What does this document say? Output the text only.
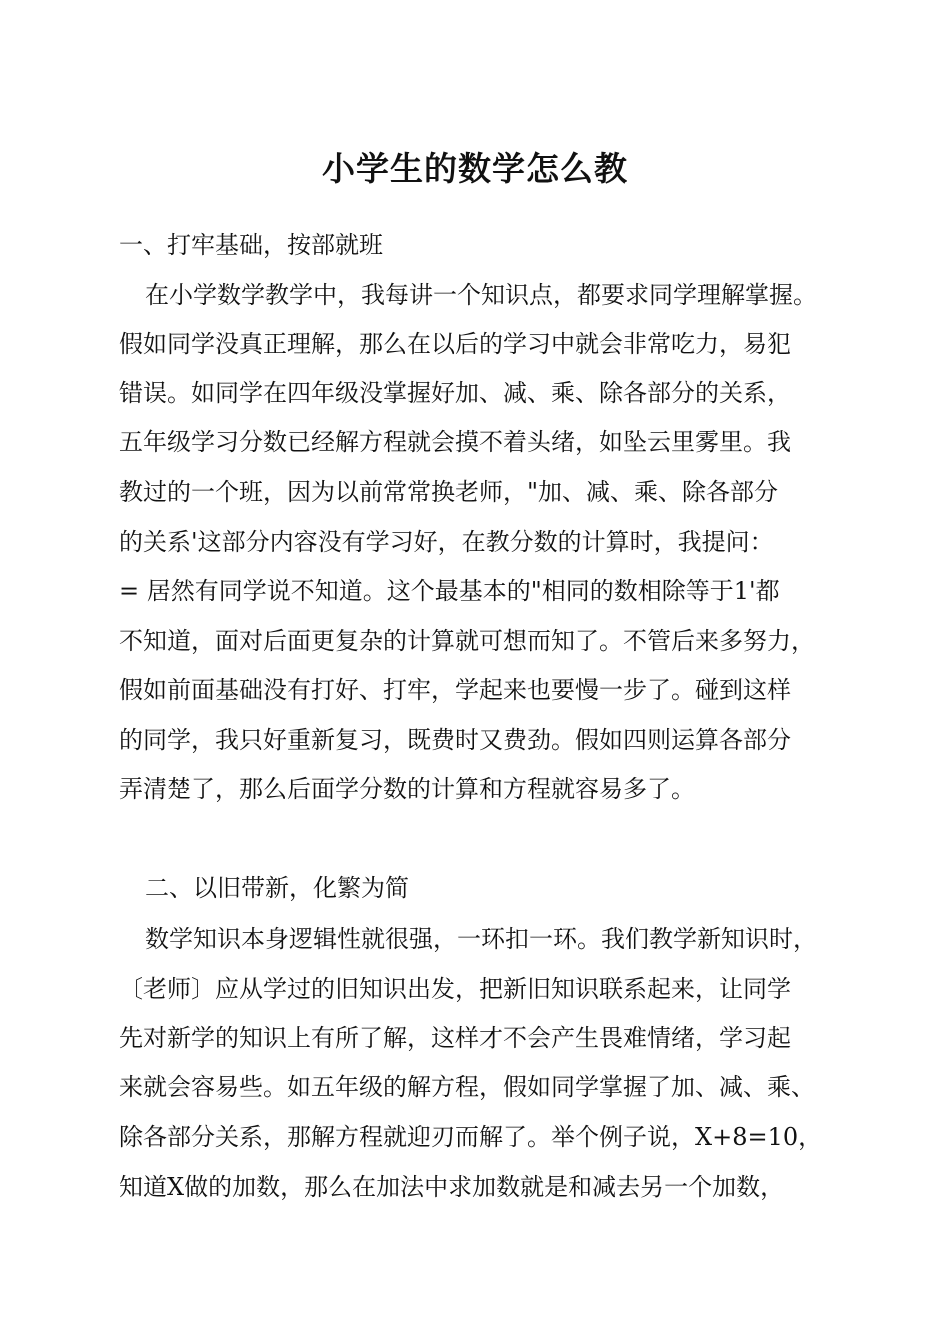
小学生的数学怎么教

一、打牢基础，按部就班

在小学数学教学中，我每讲一个知识点，都要求同学理解掌握。

假如同学没真正理解，那么在以后的学习中就会非常吃力，易犯

错误。如同学在四年级没掌握好加、减、乘、除各部分的关系，

五年级学习分数已经解方程就会摸不着头绪，如坠云里雾里。我

教过的一个班，因为以前常常换老师，"加、减、乘、除各部分

的关系'这部分内容没有学习好，在教分数的计算时，我提问：

= 居然有同学说不知道。这个最基本的"相同的数相除等于1'都

不知道，面对后面更复杂的计算就可想而知了。不管后来多努力，

假如前面基础没有打好、打牢，学起来也要慢一步了。碰到这样

的同学，我只好重新复习，既费时又费劲。假如四则运算各部分

弄清楚了，那么后面学分数的计算和方程就容易多了。

二、以旧带新，化繁为简

数学知识本身逻辑性就很强，一环扣一环。我们教学新知识时，

〔老师〕应从学过的旧知识出发，把新旧知识联系起来，让同学

先对新学的知识上有所了解，这样才不会产生畏难情绪，学习起

来就会容易些。如五年级的解方程，假如同学掌握了加、减、乘、

除各部分关系，那解方程就迎刃而解了。举个例子说，X+8=10，

知道X做的加数，那么在加法中求加数就是和减去另一个加数，
